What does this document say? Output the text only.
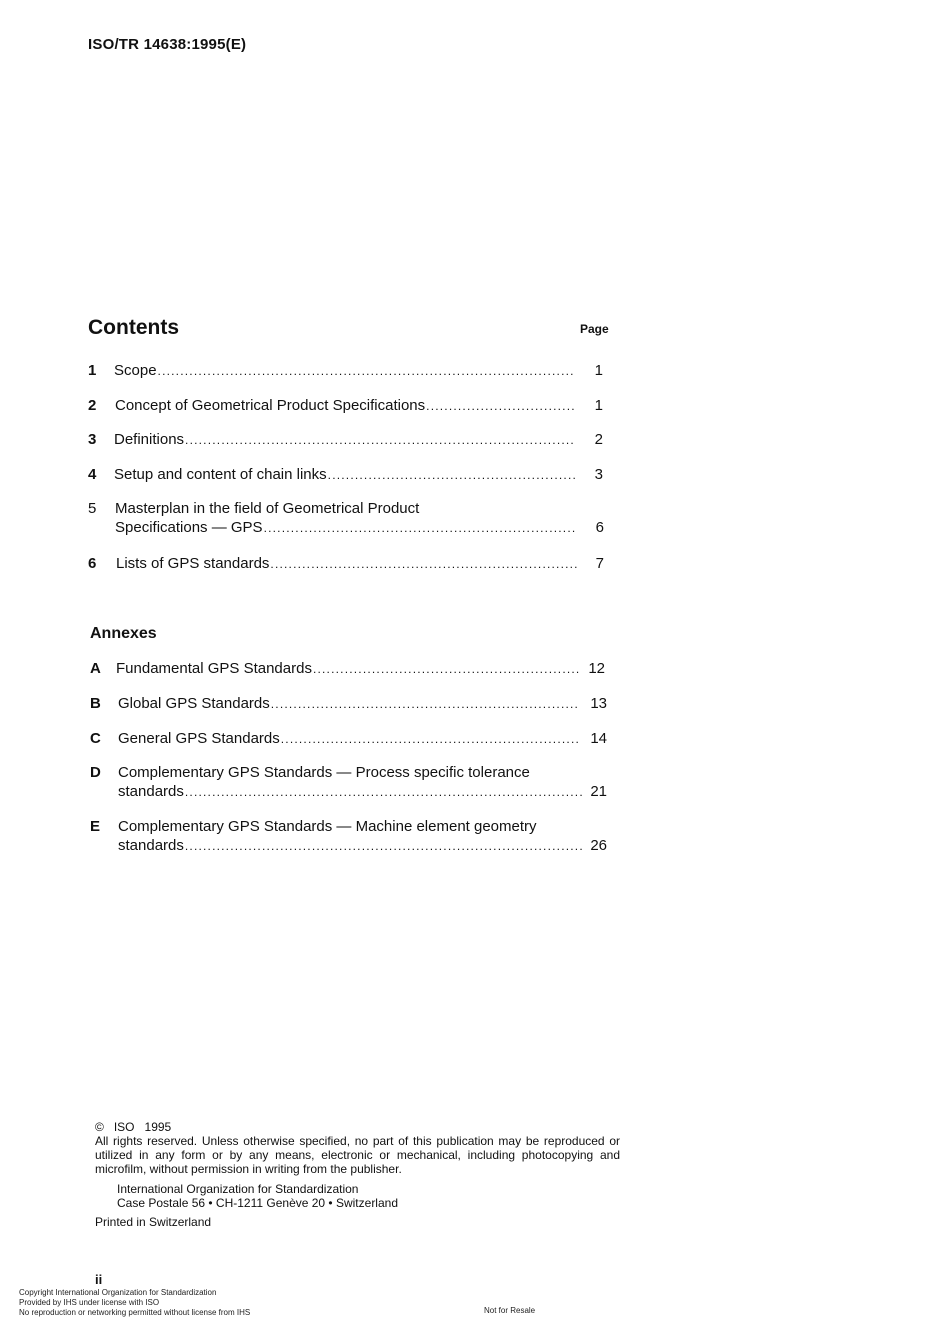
ISO/TR 14638:1995(E)
Contents	Page
1 Scope .....	1
2 Concept of Geometrical Product Specifications .....	1
3 Definitions .....	2
4 Setup and content of chain links .....	3
5 Masterplan in the field of Geometrical Product
Specifications — GPS .....	6
6 Lists of GPS standards .....	7
Annexes
A Fundamental GPS Standards .....	12
B Global GPS Standards .....	13
C General GPS Standards .....	14
D Complementary GPS Standards — Process specific tolerance
standards .....	21
E Complementary GPS Standards — Machine element geometry
standards .....	26
© ISO 1995
All rights reserved. Unless otherwise specified, no part of this publication may be reproduced or utilized in any form or by any means, electronic or mechanical, including photocopying and microfilm, without permission in writing from the publisher.
International Organization for Standardization
Case Postale 56 • CH-1211 Genève 20 • Switzerland
Printed in Switzerland
ii
Copyright International Organization for Standardization
Provided by IHS under license with ISO
No reproduction or networking permitted without license from IHS	Not for Resale
